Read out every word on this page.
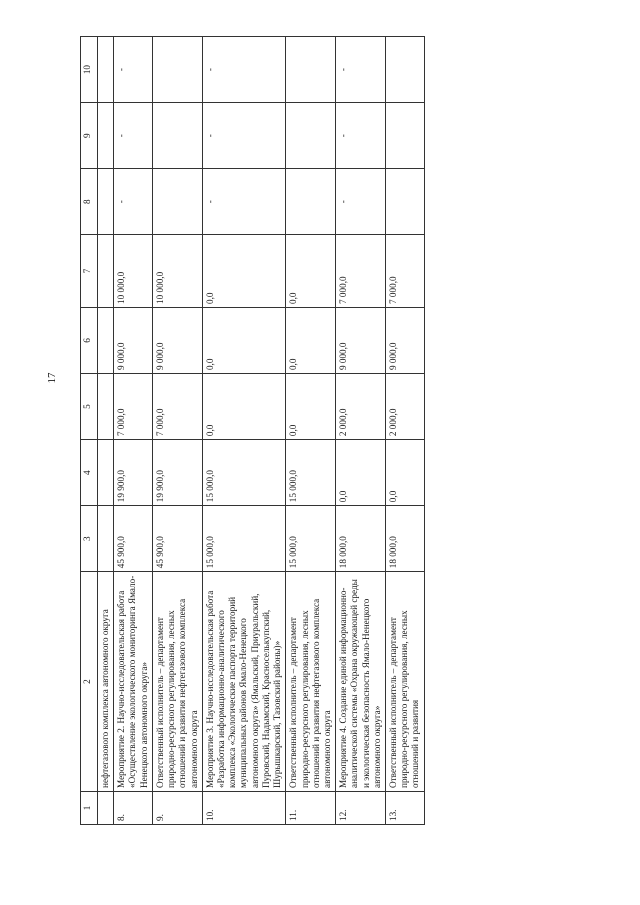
17
1	2	3	4	5	6	7	8	9	10
	нефтегазового комплекса автономного округа								
8.	Мероприятие 2. Научно-исследовательская работа «Осуществление экологического мониторинга Ямало-Ненецкого автономного округа»	45 900,0	19 900,0	7 000,0	9 000,0	10 000,0	-	-	-
9.	Ответственный исполнитель – департамент природно-ресурсного регулирования, лесных отношений и развития нефтегазового комплекса автономного округа	45 900,0	19 900,0	7 000,0	9 000,0	10 000,0			
10.	Мероприятие 3. Научно-исследовательская работа «Разработка информационно-аналитического комплекса «Экологические паспорта территорий муниципальных районов Ямало-Ненецкого автономного округа» (Ямальский, Приуральский, Пуровский, Надымский, Красноселькупский, Шурышкарский, Тазовский районы)»	15 000,0	15 000,0	0,0	0,0	0,0	-	-	-
11.	Ответственный исполнитель – департамент природно-ресурсного регулирования, лесных отношений и развития нефтегазового комплекса автономного округа	15 000,0	15 000,0	0,0	0,0	0,0			
12.	Мероприятие 4. Создание единой информационно-аналитической системы «Охрана окружающей среды и экологическая безопасность Ямало-Ненецкого автономного округа»	18 000,0	0,0	2 000,0	9 000,0	7 000,0	-	-	-
13.	Ответственный исполнитель – департамент природно-ресурсного регулирования, лесных отношений и развития	18 000,0	0,0	2 000,0	9 000,0	7 000,0			
